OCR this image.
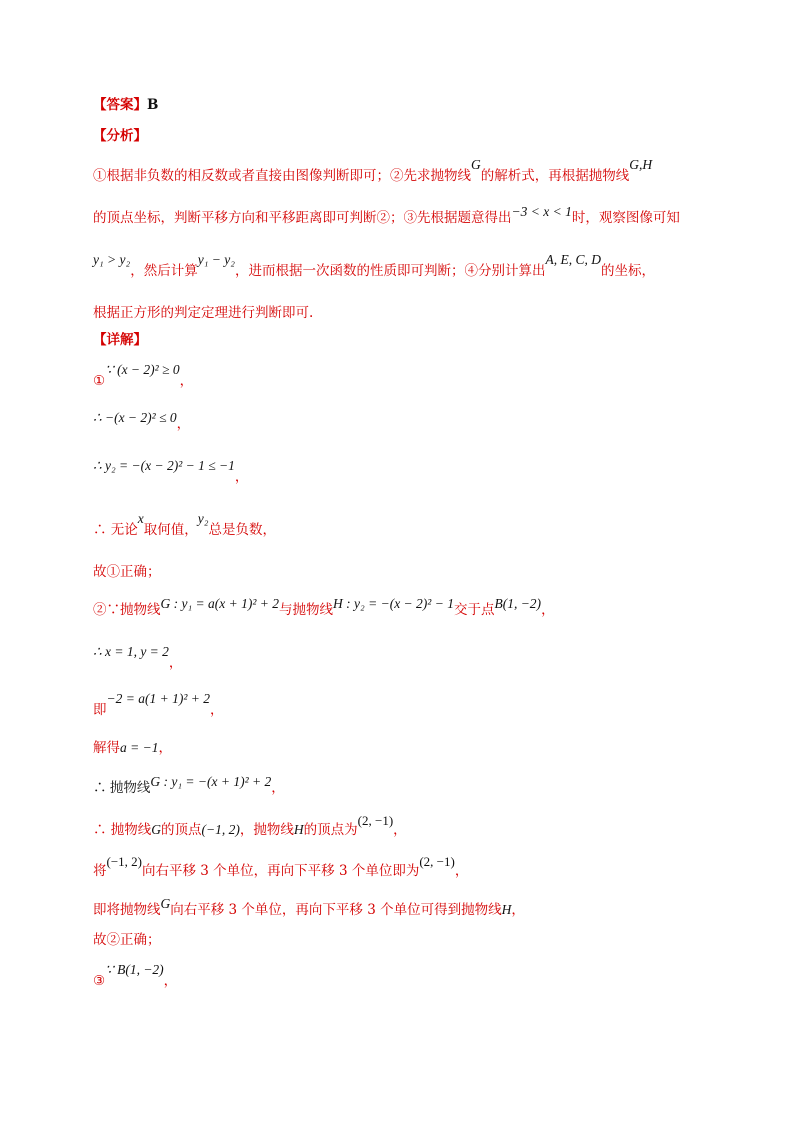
【答案】B
【分析】
①根据非负数的相反数或者直接由图像判断即可；②先求抛物线G的解析式，再根据抛物线G,H
的顶点坐标，判断平移方向和平移距离即可判断②；③先根据题意得出−3 < x < 1时，观察图像可知
y₁ > y₂，然后计算y₁ − y₂，进而根据一次函数的性质即可判断；④分别计算出A, E, C, D的坐标，
根据正方形的判定定理进行判断即可.
【详解】
①∵ (x − 2)² ≥ 0，
∴ −(x − 2)² ≤ 0，
∴ y₂ = −(x − 2)² − 1 ≤ −1，
∴ 无论x取何值，y₂总是负数，
故①正确；
②∵抛物线G : y₁ = a(x + 1)² + 2与抛物线H : y₂ = −(x − 2)² − 1交于点B(1, −2)，
∴ x = 1, y = 2，
即−2 = a(1 + 1)² + 2，
解得a = −1，
∴ 抛物线G : y₁ = −(x + 1)² + 2，
∴ 抛物线G的顶点(−1, 2)，抛物线H的顶点为(2, −1)，
将(−1, 2)向右平移 3 个单位，再向下平移 3 个单位即为(2, −1)，
即将抛物线G向右平移 3 个单位，再向下平移 3 个单位可得到抛物线H，
故②正确；
③∵ B(1, −2)，
